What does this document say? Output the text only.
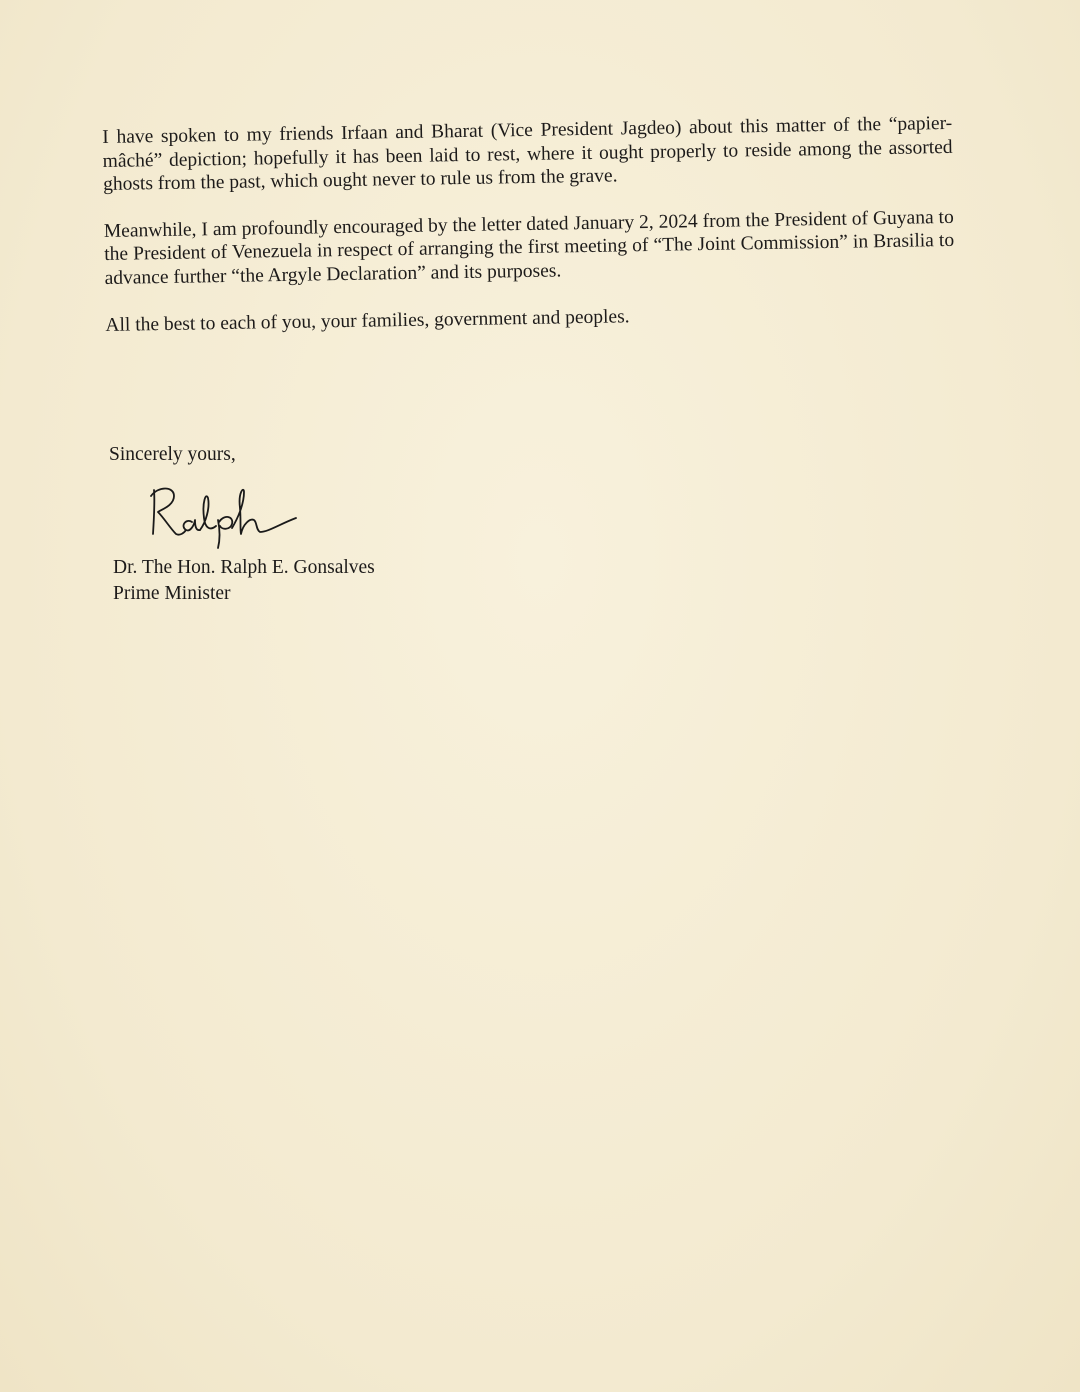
I have spoken to my friends Irfaan and Bharat (Vice President Jagdeo) about this matter of the “papier-mâché” depiction; hopefully it has been laid to rest, where it ought properly to reside among the assorted ghosts from the past, which ought never to rule us from the grave.

Meanwhile, I am profoundly encouraged by the letter dated January 2, 2024 from the President of Guyana to the President of Venezuela in respect of arranging the first meeting of “The Joint Commission” in Brasilia to advance further “the Argyle Declaration” and its purposes.

All the best to each of you, your families, government and peoples.

Sincerely yours,
Dr. The Hon. Ralph E. Gonsalves
Prime Minister
